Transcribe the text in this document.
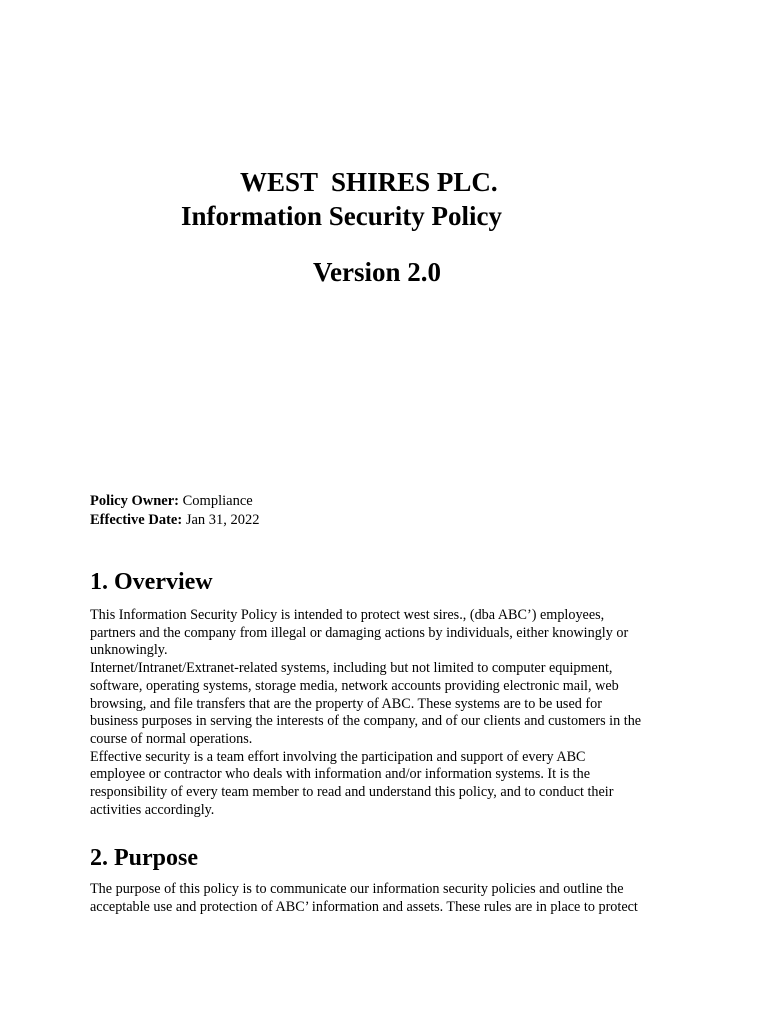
WEST  SHIRES PLC.
Information Security Policy
Version 2.0
Policy Owner: Compliance
Effective Date: Jan 31, 2022
1. Overview
This Information Security Policy is intended to protect west sires., (dba ABC’) employees,
partners and the company from illegal or damaging actions by individuals, either knowingly or
unknowingly.
Internet/Intranet/Extranet-related systems, including but not limited to computer equipment,
software, operating systems, storage media, network accounts providing electronic mail, web
browsing, and file transfers that are the property of ABC. These systems are to be used for
business purposes in serving the interests of the company, and of our clients and customers in the
course of normal operations.
Effective security is a team effort involving the participation and support of every ABC
employee or contractor who deals with information and/or information systems. It is the
responsibility of every team member to read and understand this policy, and to conduct their
activities accordingly.
2. Purpose
The purpose of this policy is to communicate our information security policies and outline the
acceptable use and protection of ABC’ information and assets. These rules are in place to protect
